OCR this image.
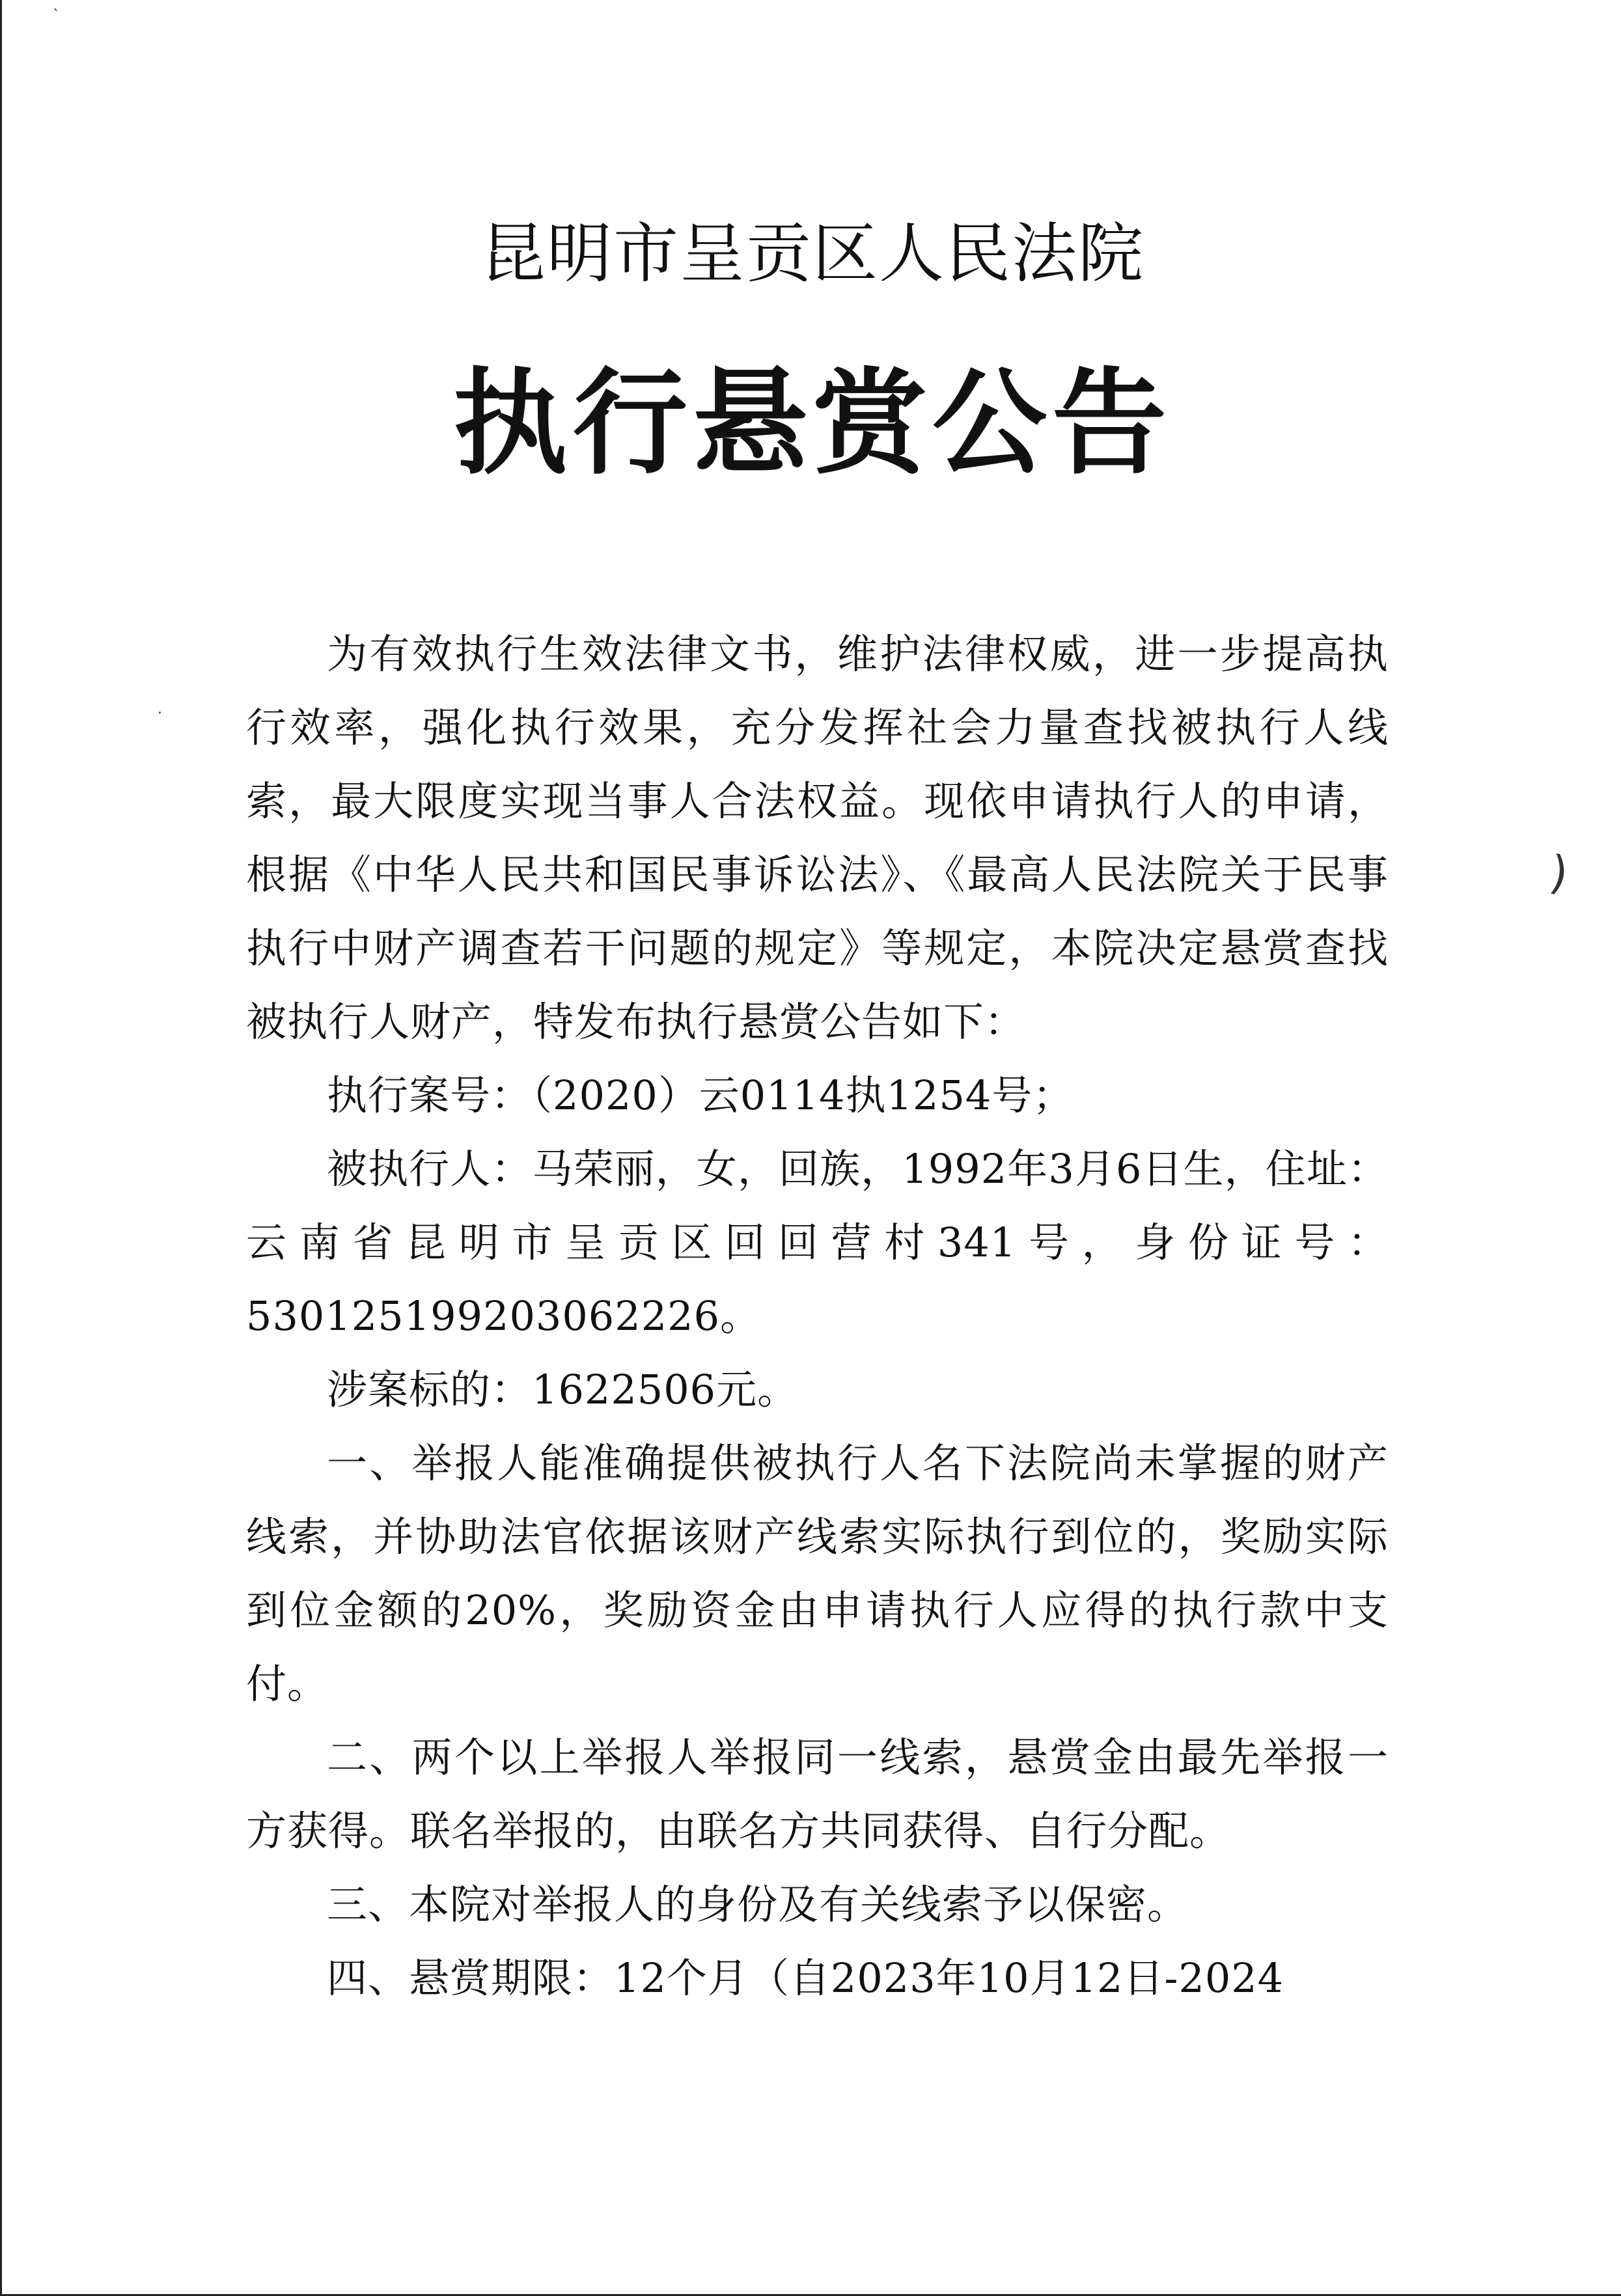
`
˙
)
昆明市呈贡区人民法院
执行悬赏公告

为有效执行生效法律文书，维护法律权威，进一步提高执行效率，强化执行效果，充分发挥社会力量查找被执行人线索，最大限度实现当事人合法权益。现依申请执行人的申请，根据《中华人民共和国民事诉讼法》、《最高人民法院关于民事执行中财产调查若干问题的规定》等规定，本院决定悬赏查找被执行人财产，特发布执行悬赏公告如下：

执行案号：（2020）云0114执1254号；

被执行人：马荣丽，女，回族，1992年3月6日生，住址：云南省昆明市呈贡区回回营村341号，身份证号：530125199203062226。

涉案标的：1622506元。

一、举报人能准确提供被执行人名下法院尚未掌握的财产线索，并协助法官依据该财产线索实际执行到位的，奖励实际到位金额的20%，奖励资金由申请执行人应得的执行款中支付。

二、两个以上举报人举报同一线索，悬赏金由最先举报一方获得。联名举报的，由联名方共同获得、自行分配。

三、本院对举报人的身份及有关线索予以保密。

四、悬赏期限：12个月（自2023年10月12日-2024
